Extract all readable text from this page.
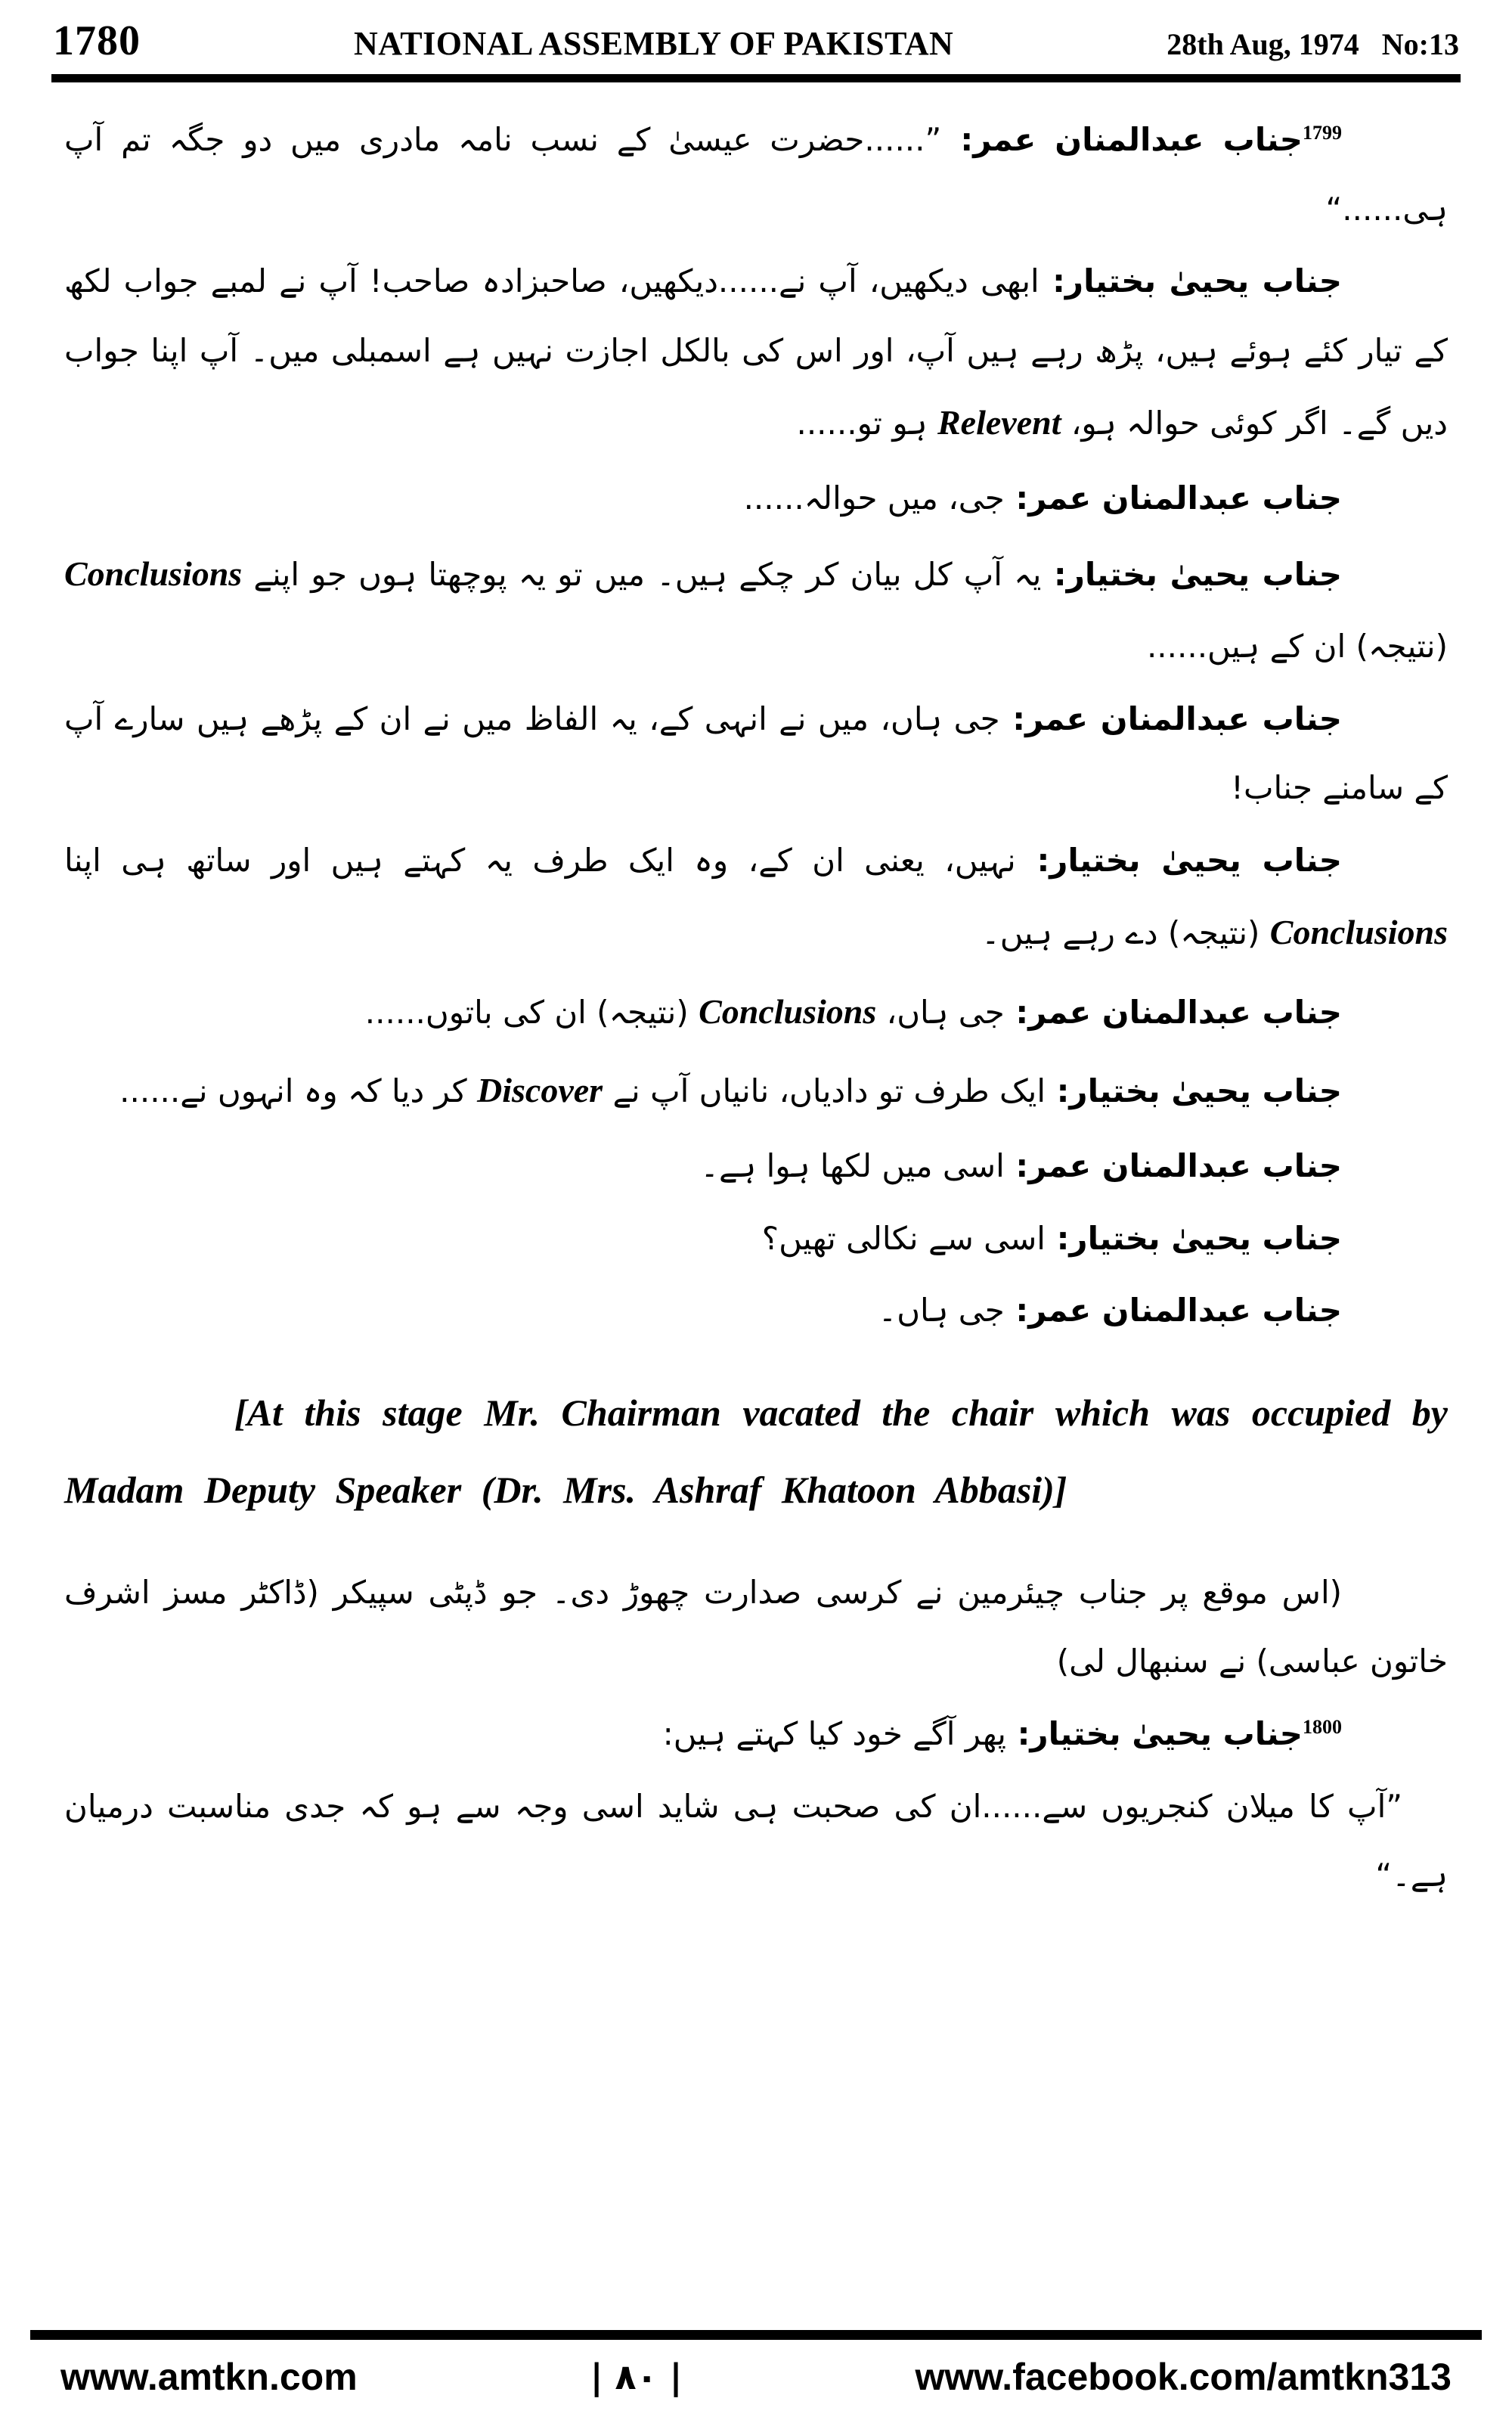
1780	NATIONAL ASSEMBLY OF PAKISTAN	28th Aug, 1974 No:13
$^{1799}$جناب عبدالمنان عمر: ”......حضرت عیسیٰ کے نسب نامہ مادری میں دو جگہ تم آپ ہی......“
جناب یحییٰ بختیار: ابھی دیکھیں، آپ نے......دیکھیں، صاحبزادہ صاحب! آپ نے لمبے جواب لکھ کے تیار کئے ہوئے ہیں، پڑھ رہے ہیں آپ، اور اس کی بالکل اجازت نہیں ہے اسمبلی میں۔ آپ اپنا جواب دیں گے۔ اگر کوئی حوالہ ہو، Relevent ہو تو......
جناب عبدالمنان عمر: جی، میں حوالہ......
جناب یحییٰ بختیار: یہ آپ کل بیان کر چکے ہیں۔ میں تو یہ پوچھتا ہوں جو اپنے Conclusions (نتیجہ) ان کے ہیں......
جناب عبدالمنان عمر: جی ہاں، میں نے انہی کے، یہ الفاظ میں نے ان کے پڑھے ہیں سارے آپ کے سامنے جناب!
جناب یحییٰ بختیار: نہیں، یعنی ان کے، وہ ایک طرف یہ کہتے ہیں اور ساتھ ہی اپنا Conclusions (نتیجہ) دے رہے ہیں۔
جناب عبدالمنان عمر: جی ہاں، Conclusions (نتیجہ) ان کی باتوں......
جناب یحییٰ بختیار: ایک طرف تو دادیاں، نانیاں آپ نے Discover کر دیا کہ وہ انہوں نے......
جناب عبدالمنان عمر: اسی میں لکھا ہوا ہے۔
جناب یحییٰ بختیار: اسی سے نکالی تھیں؟
جناب عبدالمنان عمر: جی ہاں۔
[At this stage Mr. Chairman vacated the chair which was occupied by Madam Deputy Speaker (Dr. Mrs. Ashraf Khatoon Abbasi)]
(اس موقع پر جناب چیئرمین نے کرسی صدارت چھوڑ دی۔ جو ڈپٹی سپیکر (ڈاکٹر مسز اشرف خاتون عباسی) نے سنبھال لی)
$^{1800}$جناب یحییٰ بختیار: پھر آگے خود کیا کہتے ہیں:
”آپ کا میلان کنجریوں سے......ان کی صحبت ہی شاید اسی وجہ سے ہو کہ جدی مناسبت درمیان ہے۔“
www.amtkn.com	| ۸۰ |	www.facebook.com/amtkn313
